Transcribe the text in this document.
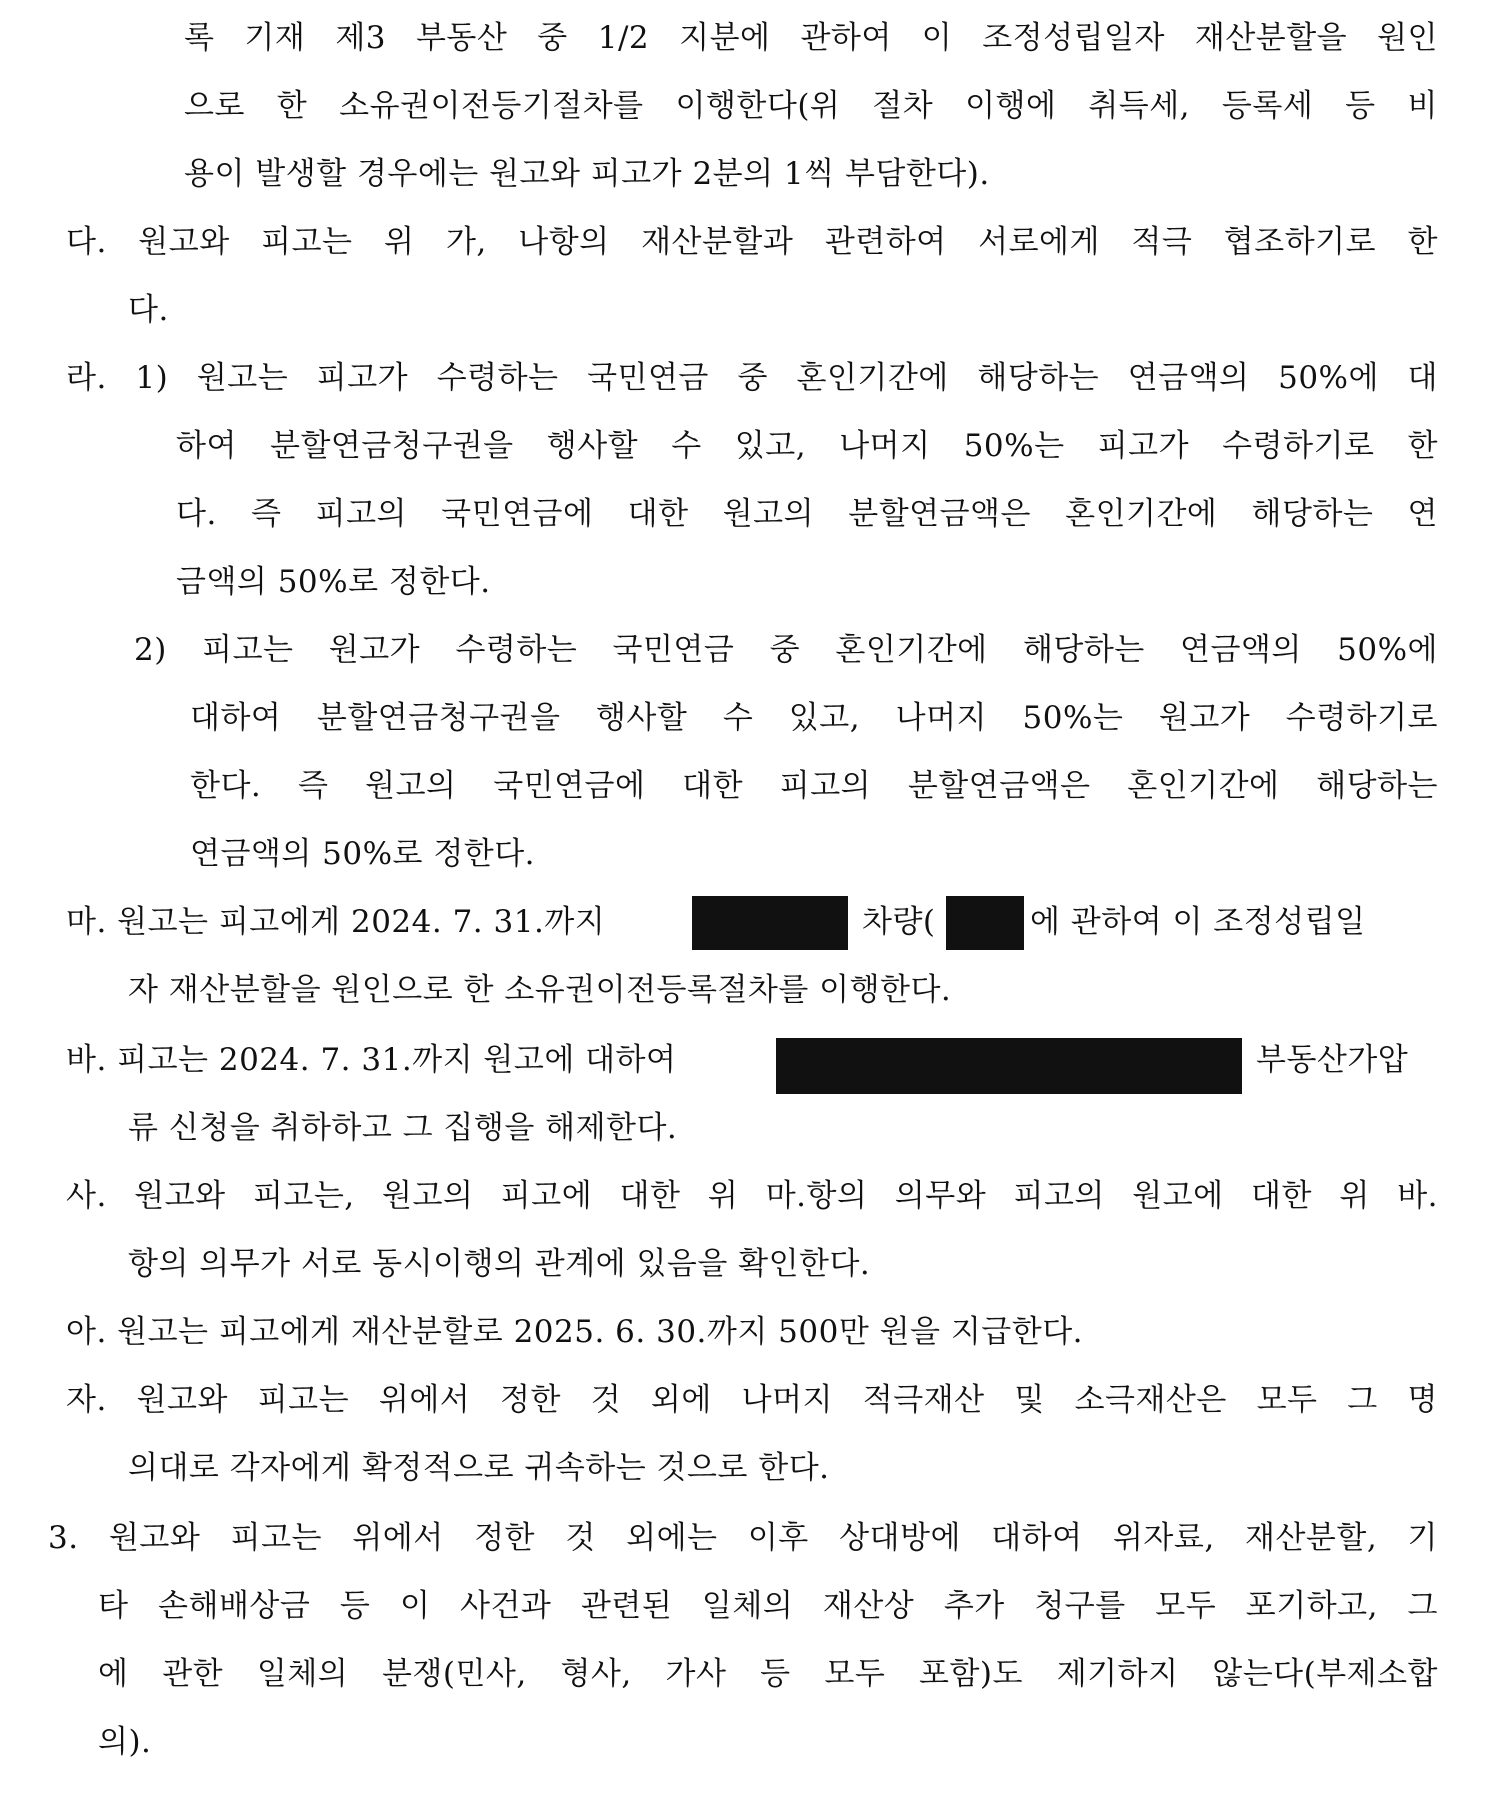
록 기재 제3 부동산 중 1/2 지분에 관하여 이 조정성립일자 재산분할을 원인
으로 한 소유권이전등기절차를 이행한다(위 절차 이행에 취득세, 등록세 등 비
용이 발생할 경우에는 원고와 피고가 2분의 1씩 부담한다).
다. 원고와 피고는 위 가, 나항의 재산분할과 관련하여 서로에게 적극 협조하기로 한
다.
라. 1) 원고는 피고가 수령하는 국민연금 중 혼인기간에 해당하는 연금액의 50%에 대
하여 분할연금청구권을 행사할 수 있고, 나머지 50%는 피고가 수령하기로 한
다. 즉 피고의 국민연금에 대한 원고의 분할연금액은 혼인기간에 해당하는 연
금액의 50%로 정한다.
2) 피고는 원고가 수령하는 국민연금 중 혼인기간에 해당하는 연금액의 50%에
대하여 분할연금청구권을 행사할 수 있고, 나머지 50%는 원고가 수령하기로
한다. 즉 원고의 국민연금에 대한 피고의 분할연금액은 혼인기간에 해당하는
연금액의 50%로 정한다.
마. 원고는 피고에게 2024. 7. 31.까지	차량(	에 관하여 이 조정성립일
자 재산분할을 원인으로 한 소유권이전등록절차를 이행한다.
바. 피고는 2024. 7. 31.까지 원고에 대하여	부동산가압
류 신청을 취하하고 그 집행을 해제한다.
사. 원고와 피고는, 원고의 피고에 대한 위 마.항의 의무와 피고의 원고에 대한 위 바.
항의 의무가 서로 동시이행의 관계에 있음을 확인한다.
아. 원고는 피고에게 재산분할로 2025. 6. 30.까지 500만 원을 지급한다.
자. 원고와 피고는 위에서 정한 것 외에 나머지 적극재산 및 소극재산은 모두 그 명
의대로 각자에게 확정적으로 귀속하는 것으로 한다.
3. 원고와 피고는 위에서 정한 것 외에는 이후 상대방에 대하여 위자료, 재산분할, 기
타 손해배상금 등 이 사건과 관련된 일체의 재산상 추가 청구를 모두 포기하고, 그
에 관한 일체의 분쟁(민사, 형사, 가사 등 모두 포함)도 제기하지 않는다(부제소합
의).
